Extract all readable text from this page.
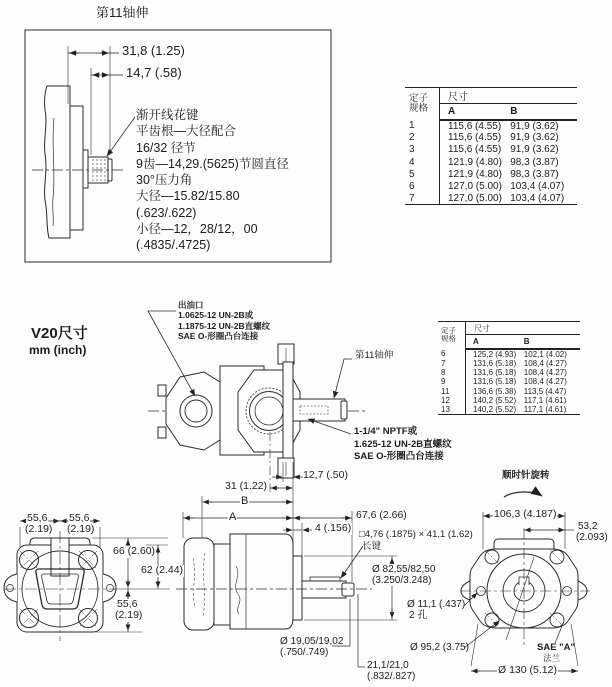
第11轴伸
31,8 (1.25)
14,7 (.58)
渐开线花键
平齿根—大径配合
16/32 径节
9齿—14,29.(5625)节圆直径
30°压力角
大径—15.82/15.80
(.623/.622)
小径—12，28/12，00
(.4835/.4725)
V20尺寸
mm (inch)
出油口
1.0625-12 UN-2B或
1.1875-12 UN-2B直螺纹
SAE O-形圈凸台连接
第11轴伸
1-1/4" NPTF或
1.625-12 UN-2B直螺纹
SAE O-形圈凸台连接
12,7 (.50)
31 (1.22)
B
A	67,6 (2.66)
4 (.156)
□4,76 (.1875) × 41,1 (1.62)
长键
Ø 82,55/82,50
(3.250/3.248)
Ø 19,05/19,02
(.750/.749)
21,1/21,0
(.832/.827)
55,6
(2.19)
55,6
(2.19)
66 (2.60)
62 (2.44)
55,6
(2.19)
Ø 11,1 (.437)
2 孔
Ø 95,2 (3.75)
顺时针旋转
106,3 (4.187)
53,2
(2.093)
SAE "A"
法兰
Ø 130 (5.12)
定子
规格	尺寸	
	A	B
1	115,6 (4.55)	91,9 (3.62)
2	115,6 (4.55)	91,9 (3.62)
3	115,6 (4.55)	91,9 (3.62)
4	121,9 (4.80)	98,3 (3.87)
5	121,9 (4.80)	98,3 (3.87)
6	127,0 (5.00)	103,4 (4.07)
7	127,0 (5.00)	103,4 (4.07)
定子
规格	尺寸	
	A	B
6	125,2 (4.93)	102,1 (4.02)
7	131,6 (5.18)	108,4 (4.27)
8	131,6 (5.18)	108,4 (4.27)
9	131,6 (5.18)	108,4 (4.27)
11	136,6 (5.38)	113,5 (4.47)
12	140,2 (5.52)	117,1 (4.61)
13	140,2 (5.52)	117,1 (4.61)
